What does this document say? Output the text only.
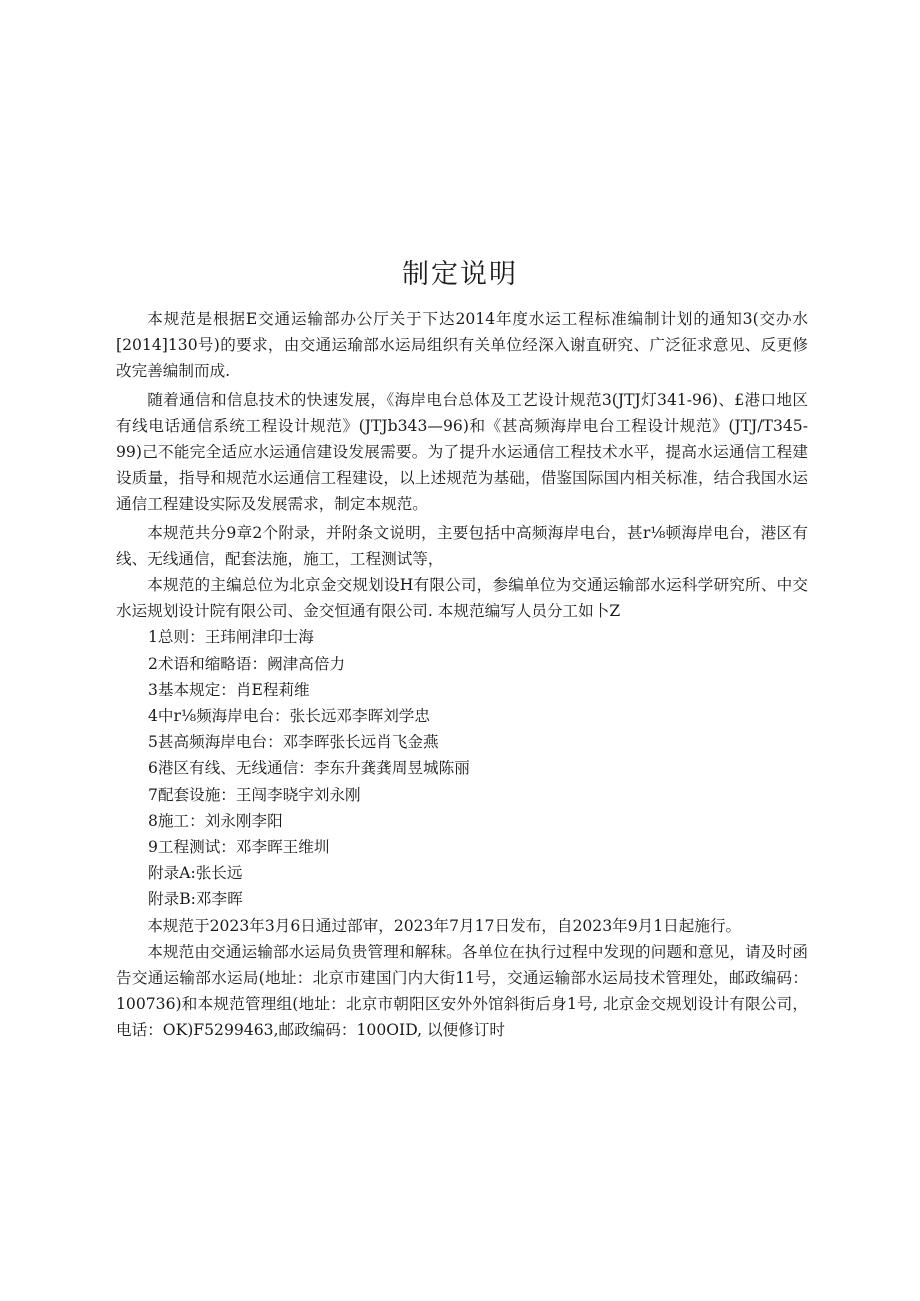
制定说明

本规范是根据E交通运输部办公厅关于下达2014年度水运工程标准编制计划的通知3(交办水[2014]130号)的要求，由交通运瑜部水运局组织有关单位经深入谢直研究、广泛征求意见、反更修改完善编制而成.

随着通信和信息技术的快速发展，《海岸电台总体及工艺设计规范3(JTJ灯341-96)、£港口地区有线电话通信系统工程设计规范》(JTJb343—96)和《甚高频海岸电台工程设计规范》(JTJ/T345-99)己不能完全适应水运通信建设发展需要。为了提升水运通信工程技术水平，提高水运通信工程建设质量，指导和规范水运通信工程建设，以上述规范为基础，借鉴国际国内相关标准，结合我国水运通信工程建设实际及发展需求，制定本规范。

本规范共分9章2个附录，并附条文说明，主要包括中高频海岸电台，甚r⅛顿海岸电台，港区有线、无线通信，配套法施，施工，工程测试等，

本规范的主编总位为北京金交规划设H有限公司，参编单位为交通运输部水运科学研究所、中交水运规划设计院有限公司、金交恒通有限公司. 本规范编写人员分工如卜Z

1总则：王玮闸津印士海

2术语和缩略语：阙津高倍力

3基本规定：肖E程莉维

4中r⅛频海岸电台：张长远邓李晖刘学忠

5甚高频海岸电台：邓李晖张长远肖飞金燕

6港区有线、无线通信：李东升龚龚周昱城陈丽

7配套设施：王闯李晓宇刘永刚

8施工：刘永刚李阳

9工程测试：邓李晖王维圳

附录A:张长远

附录B:邓李晖

本规范于2023年3月6日通过部审，2023年7月17日发布，自2023年9月1日起施行。

本规范由交通运输部水运局负贵管理和解秣。各单位在执行过程中发现的问题和意见，请及时函告交通运输部水运局(地址：北京市建国门内大街11号，交通运输部水运局技术管理处，邮政编码：100736)和本规范管理组(地址：北京市朝阳区安外外馆斜街后身1号, 北京金交规划设计有限公司，电话：OK)F5299463,邮政编码：100OID, 以便修订时
